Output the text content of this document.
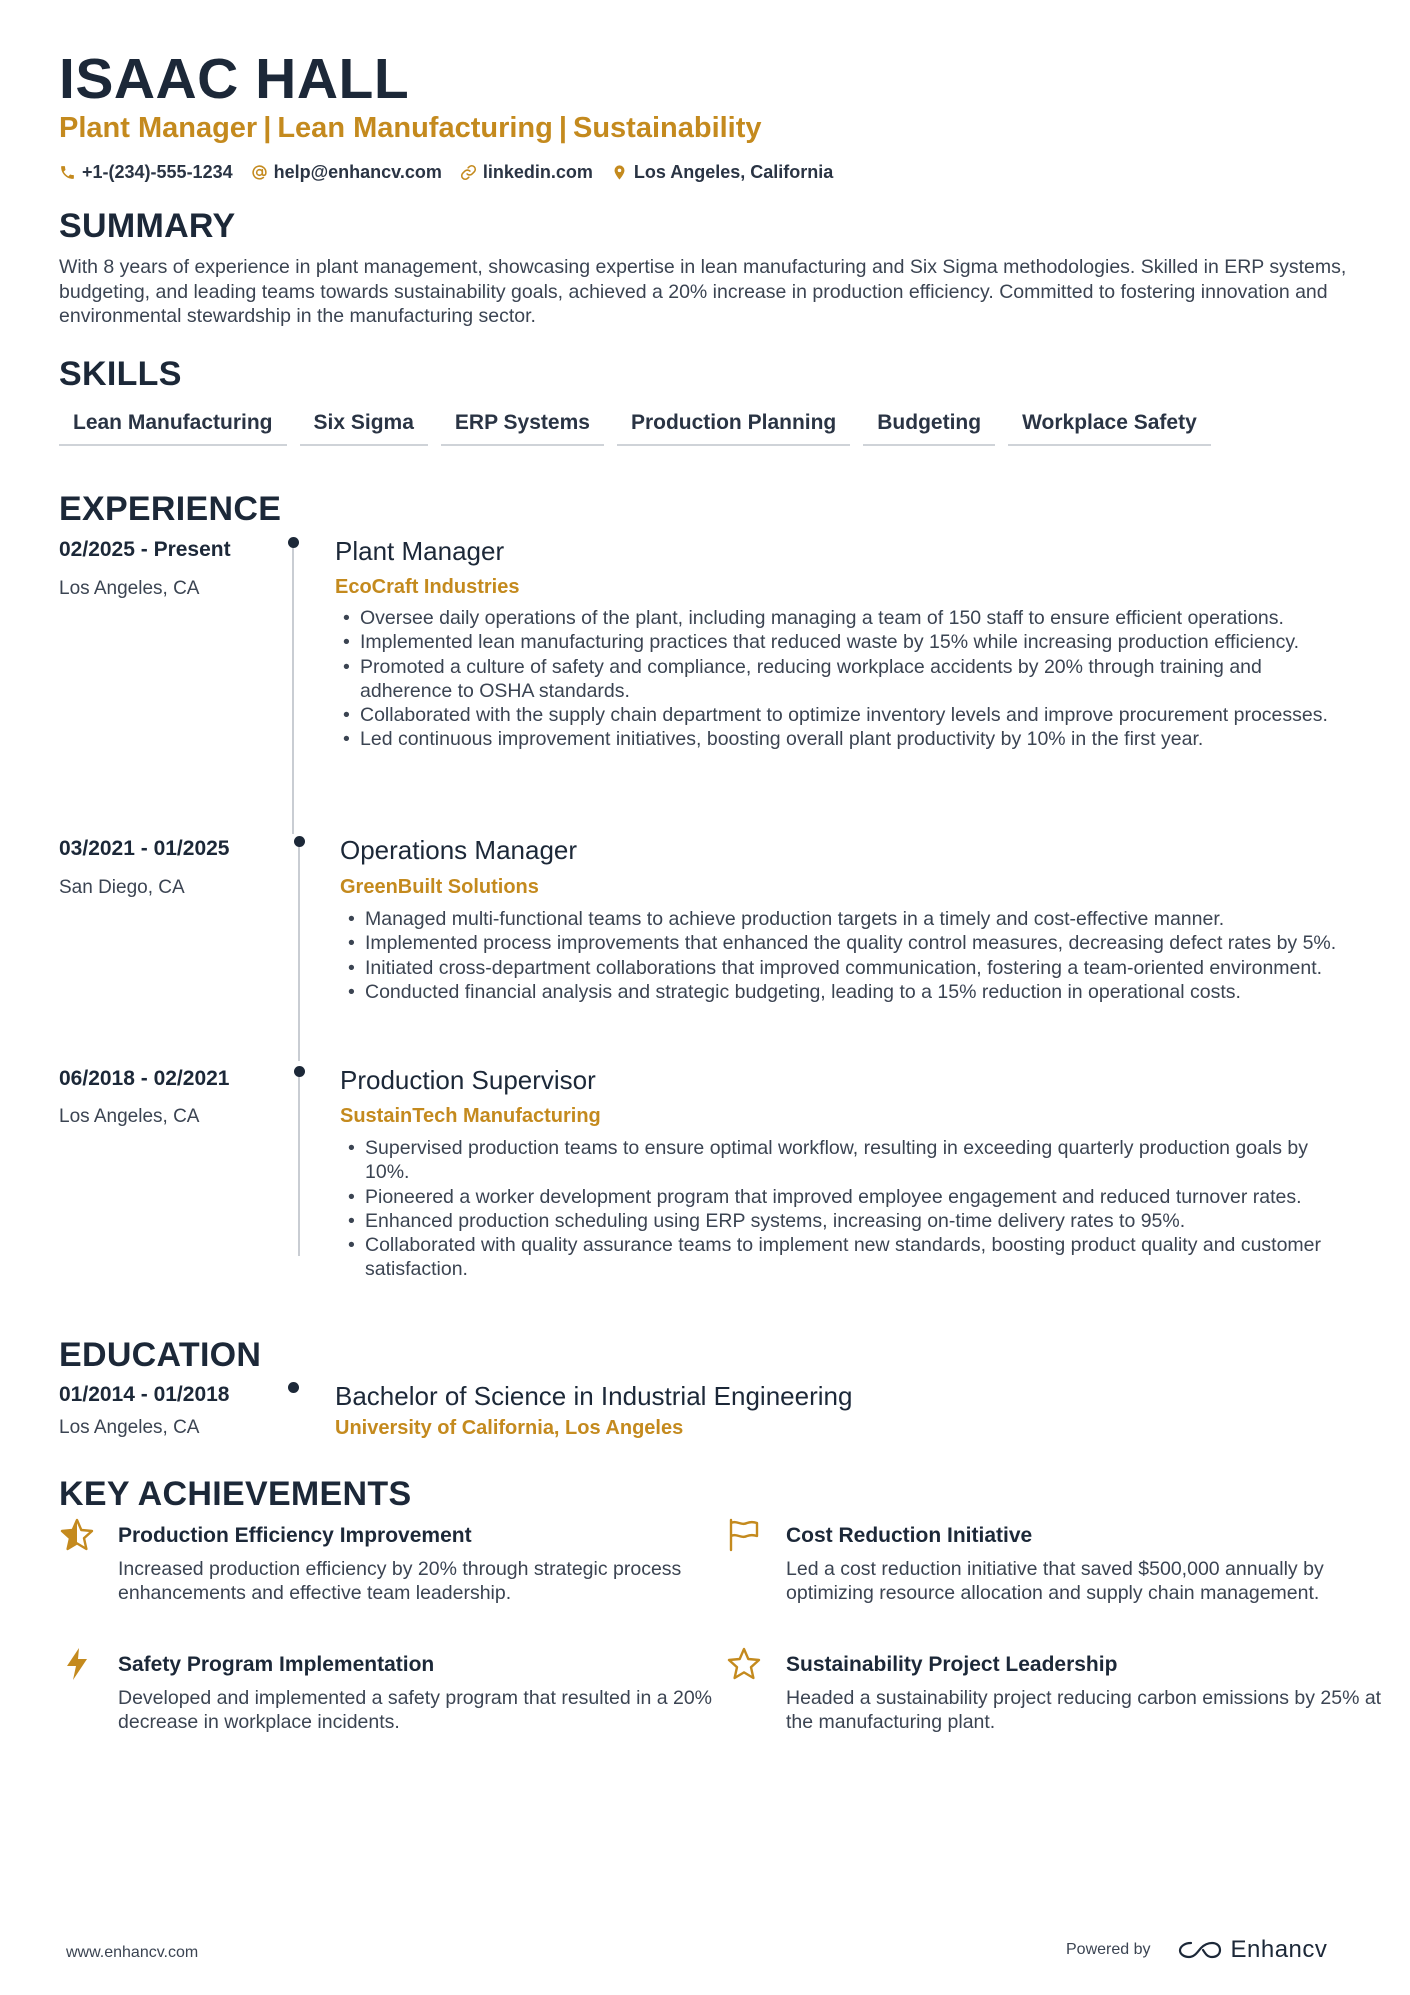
ISAAC HALL
Plant Manager | Lean Manufacturing | Sustainability
+1-(234)-555-1234 help@enhancv.com linkedin.com Los Angeles, California
SUMMARY
With 8 years of experience in plant management, showcasing expertise in lean manufacturing and Six Sigma methodologies. Skilled in ERP systems, budgeting, and leading teams towards sustainability goals, achieved a 20% increase in production efficiency. Committed to fostering innovation and environmental stewardship in the manufacturing sector.
SKILLS
Lean Manufacturing	Six Sigma	ERP Systems	Production Planning	Budgeting	Workplace Safety
EXPERIENCE
02/2025 - Present
Los Angeles, CA
Plant Manager
EcoCraft Industries
• Oversee daily operations of the plant, including managing a team of 150 staff to ensure efficient operations.
• Implemented lean manufacturing practices that reduced waste by 15% while increasing production efficiency.
• Promoted a culture of safety and compliance, reducing workplace accidents by 20% through training and adherence to OSHA standards.
• Collaborated with the supply chain department to optimize inventory levels and improve procurement processes.
• Led continuous improvement initiatives, boosting overall plant productivity by 10% in the first year.
03/2021 - 01/2025
San Diego, CA
Operations Manager
GreenBuilt Solutions
• Managed multi-functional teams to achieve production targets in a timely and cost-effective manner.
• Implemented process improvements that enhanced the quality control measures, decreasing defect rates by 5%.
• Initiated cross-department collaborations that improved communication, fostering a team-oriented environment.
• Conducted financial analysis and strategic budgeting, leading to a 15% reduction in operational costs.
06/2018 - 02/2021
Los Angeles, CA
Production Supervisor
SustainTech Manufacturing
• Supervised production teams to ensure optimal workflow, resulting in exceeding quarterly production goals by 10%.
• Pioneered a worker development program that improved employee engagement and reduced turnover rates.
• Enhanced production scheduling using ERP systems, increasing on-time delivery rates to 95%.
• Collaborated with quality assurance teams to implement new standards, boosting product quality and customer satisfaction.
EDUCATION
01/2014 - 01/2018
Los Angeles, CA
Bachelor of Science in Industrial Engineering
University of California, Los Angeles
KEY ACHIEVEMENTS
Production Efficiency Improvement
Increased production efficiency by 20% through strategic process enhancements and effective team leadership.
Cost Reduction Initiative
Led a cost reduction initiative that saved $500,000 annually by optimizing resource allocation and supply chain management.
Safety Program Implementation
Developed and implemented a safety program that resulted in a 20% decrease in workplace incidents.
Sustainability Project Leadership
Headed a sustainability project reducing carbon emissions by 25% at the manufacturing plant.
www.enhancv.com	Powered by	Enhancv
